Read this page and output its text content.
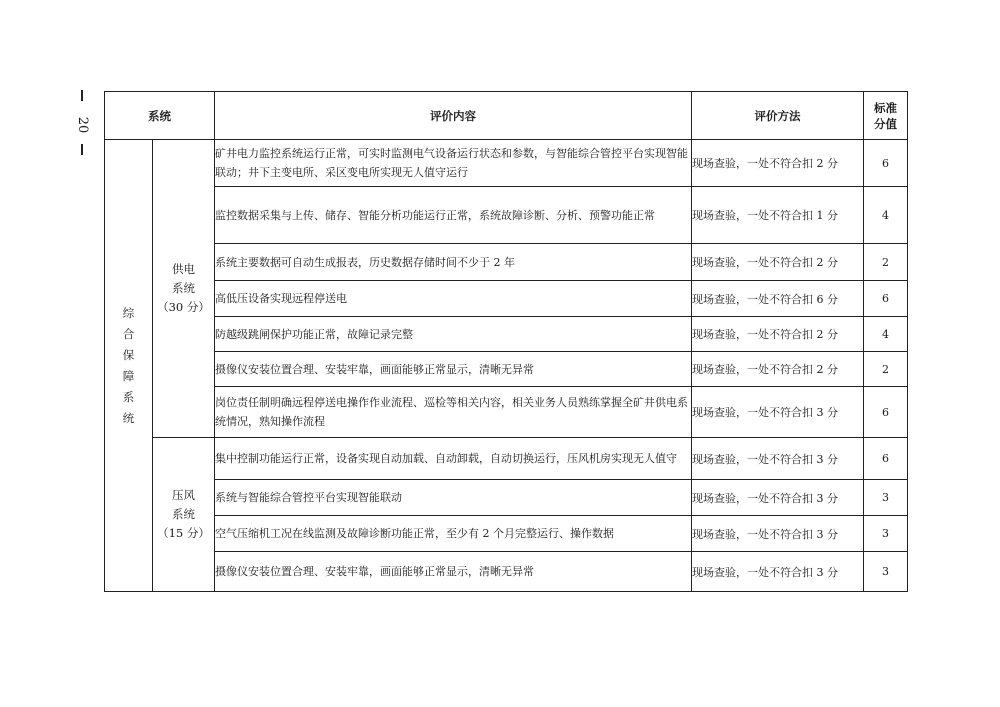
20
系统		评价内容	评价方法	标准
分值

综合保障系统	供电
系统
（30 分）	矿井电力监控系统运行正常，可实时监测电气设备运行状态和参数，与智能综合管控平台实现智能联动；井下主变电所、采区变电所实现无人值守运行	现场查验，一处不符合扣 2 分	6
		监控数据采集与上传、储存、智能分析功能运行正常，系统故障诊断、分析、预警功能正常	现场查验，一处不符合扣 1 分	4
		系统主要数据可自动生成报表，历史数据存储时间不少于 2 年	现场查验，一处不符合扣 2 分	2
		高低压设备实现远程停送电	现场查验，一处不符合扣 6 分	6
		防越级跳闸保护功能正常，故障记录完整	现场查验，一处不符合扣 2 分	4
		摄像仪安装位置合理、安装牢靠，画面能够正常显示，清晰无异常	现场查验，一处不符合扣 2 分	2
		岗位责任制明确远程停送电操作作业流程、巡检等相关内容，相关业务人员熟练掌握全矿井供电系统情况，熟知操作流程	现场查验，一处不符合扣 3 分	6

	压风
系统
（15 分）	集中控制功能运行正常，设备实现自动加载、自动卸载，自动切换运行，压风机房实现无人值守	现场查验，一处不符合扣 3 分	6
		系统与智能综合管控平台实现智能联动	现场查验，一处不符合扣 3 分	3
		空气压缩机工况在线监测及故障诊断功能正常，至少有 2 个月完整运行、操作数据	现场查验，一处不符合扣 3 分	3
		摄像仪安装位置合理、安装牢靠，画面能够正常显示，清晰无异常	现场查验，一处不符合扣 3 分	3
